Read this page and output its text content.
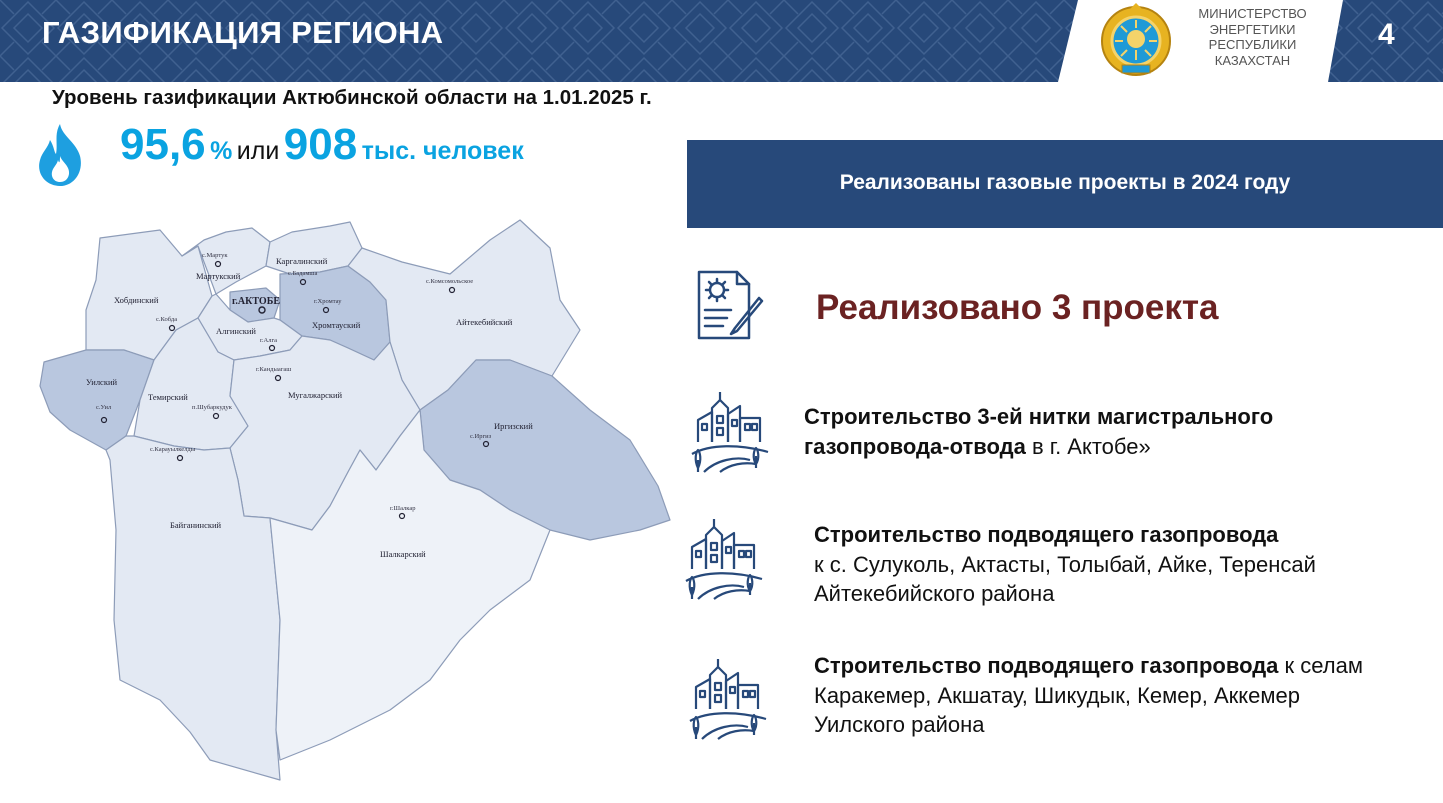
ГАЗИФИКАЦИЯ РЕГИОНА
МИНИСТЕРСТВО
ЭНЕРГЕТИКИ
РЕСПУБЛИКИ
КАЗАХСТАН
4
Уровень газификации Актюбинской области на 1.01.2025 г.
95,6 % или 908 тыс. человек
Мартукский
Каргалинский
Хобдинский	г.АКТОБЕ
Хромтауский
Алгинский
Айтекебийский
Уилский
Темирский	Мугалжарский
Иргизский
Байганинский
Шалкарский
с.Мартук
с.Бадамша
с.Комсомольское
с.Кобда
г.Хромтау
г.Алга
г.Кандыагаш
с.Уил	п.Шубаркудук
с.Иргиз
с.Карауылкелды
г.Шалкар
Реализованы газовые проекты в 2024 году
Реализовано 3 проекта
Строительство 3-ей нитки магистрального
газопровода-отвода в г. Актобе»
Строительство подводящего газопровода
к с. Сулуколь, Актасты, Толыбай, Айке, Теренсай
Айтекебийского района
Строительство подводящего газопровода к селам
Каракемер, Акшатау, Шикудык, Кемер, Аккемер
Уилского района
